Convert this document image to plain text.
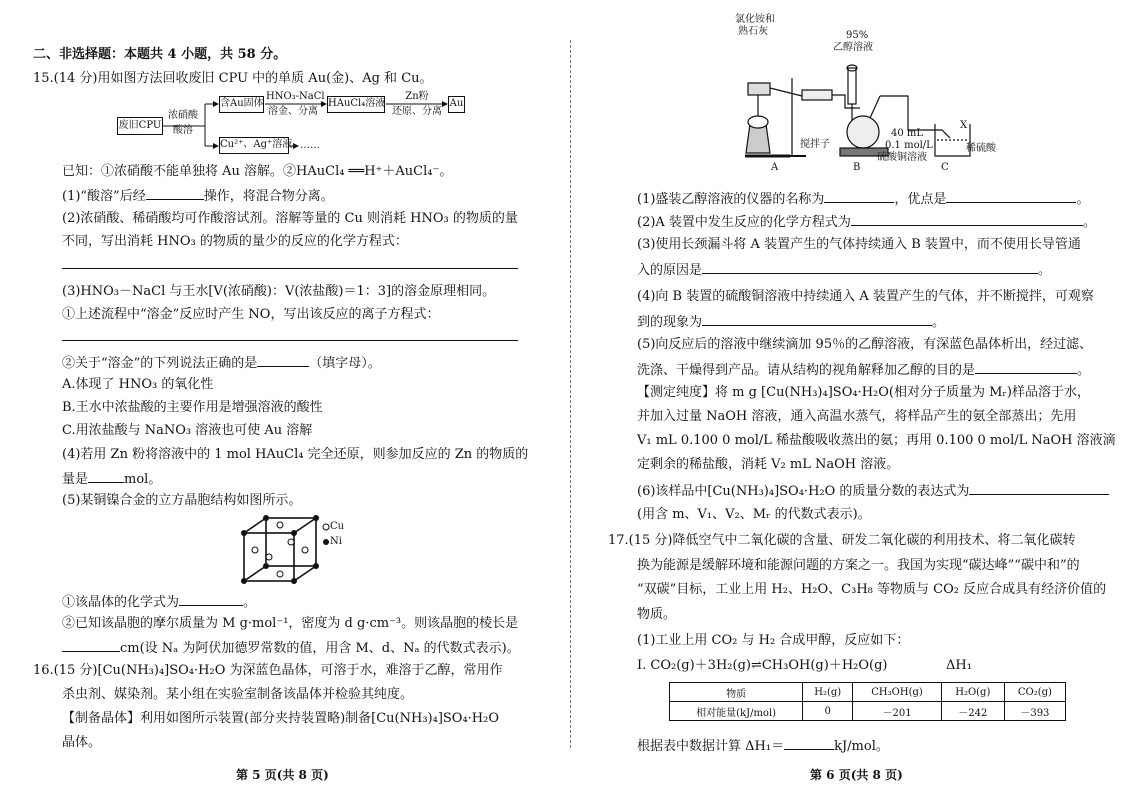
二、非选择题：本题共 4 小题，共 58 分。
15.(14 分)用如图方法回收废旧 CPU 中的单质 Au(金)、Ag 和 Cu。
废旧CPU
浓硝酸
酸溶
含Au固体
HNO₃-NaCl
溶金、分离
HAuCl₄溶液
Zn粉
还原、分离
Au
Cu²⁺、Ag⁺溶液 ……
已知：①浓硝酸不能单独将 Au 溶解。②HAuCl₄ ══H⁺＋AuCl₄⁻。
(1)“酸溶”后经	操作，将混合物分离。
(2)浓硝酸、稀硝酸均可作酸溶试剂。溶解等量的 Cu 则消耗 HNO₃ 的物质的量
不同，写出消耗 HNO₃ 的物质的量少的反应的化学方程式：
(3)HNO₃－NaCl 与王水[V(浓硝酸)：V(浓盐酸)＝1：3]的溶金原理相同。
①上述流程中“溶金”反应时产生 NO，写出该反应的离子方程式：
②关于“溶金”的下列说法正确的是	（填字母）。
A.体现了 HNO₃ 的氧化性
B.王水中浓盐酸的主要作用是增强溶液的酸性
C.用浓盐酸与 NaNO₃ 溶液也可使 Au 溶解
(4)若用 Zn 粉将溶液中的 1 mol HAuCl₄ 完全还原，则参加反应的 Zn 的物质的
量是	mol。
(5)某铜镍合金的立方晶胞结构如图所示。
Cu
Ni
①该晶体的化学式为	。
②已知该晶胞的摩尔质量为 M g·mol⁻¹，密度为 d g·cm⁻³。则该晶胞的棱长是
cm(设 Nₐ 为阿伏加德罗常数的值，用含 M、d、Nₐ 的代数式表示)。
16.(15 分)[Cu(NH₃)₄]SO₄·H₂O 为深蓝色晶体，可溶于水，难溶于乙醇，常用作
杀虫剂、媒染剂。某小组在实验室制备该晶体并检验其纯度。
【制备晶体】利用如图所示装置(部分夹持装置略)制备[Cu(NH₃)₄]SO₄·H₂O
晶体。
第 5 页(共 8 页)
氯化铵和
熟石灰	95%
乙醇溶液
搅拌子
40 mL
0.1 mol/L
硫酸铜溶液
X
稀硫酸
A	B	C
(1)盛装乙醇溶液的仪器的名称为	，优点是	。
(2)A 装置中发生反应的化学方程式为	。
(3)使用长颈漏斗将 A 装置产生的气体持续通入 B 装置中，而不使用长导管通
入的原因是	。
(4)向 B 装置的硫酸铜溶液中持续通入 A 装置产生的气体，并不断搅拌，可观察
到的现象为	。
(5)向反应后的溶液中继续滴加 95％的乙醇溶液，有深蓝色晶体析出，经过滤、
洗涤、干燥得到产品。请从结构的视角解释加乙醇的目的是	。
【测定纯度】将 m g [Cu(NH₃)₄]SO₄·H₂O(相对分子质量为 Mᵣ)样品溶于水，
并加入过量 NaOH 溶液，通入高温水蒸气，将样品产生的氨全部蒸出；先用
V₁ mL 0.100 0 mol/L 稀盐酸吸收蒸出的氨；再用 0.100 0 mol/L NaOH 溶液滴
定剩余的稀盐酸，消耗 V₂ mL NaOH 溶液。
(6)该样品中[Cu(NH₃)₄]SO₄·H₂O 的质量分数的表达式为
(用含 m、V₁、V₂、Mᵣ 的代数式表示)。
17.(15 分)降低空气中二氧化碳的含量、研发二氧化碳的利用技术、将二氧化碳转
换为能源是缓解环境和能源问题的方案之一。我国为实现“碳达峰”“碳中和”的
“双碳”目标，工业上用 H₂、H₂O、C₃H₈ 等物质与 CO₂ 反应合成具有经济价值的
物质。
(1)工业上用 CO₂ 与 H₂ 合成甲醇，反应如下：
Ⅰ. CO₂(g)＋3H₂(g)⇌CH₃OH(g)＋H₂O(g)	ΔH₁
物质	H₂(g)	CH₃OH(g)	H₂O(g)	CO₂(g)
相对能量(kJ/mol)	0	－201	－242	－393
根据表中数据计算 ΔH₁＝	kJ/mol。
第 6 页(共 8 页)
